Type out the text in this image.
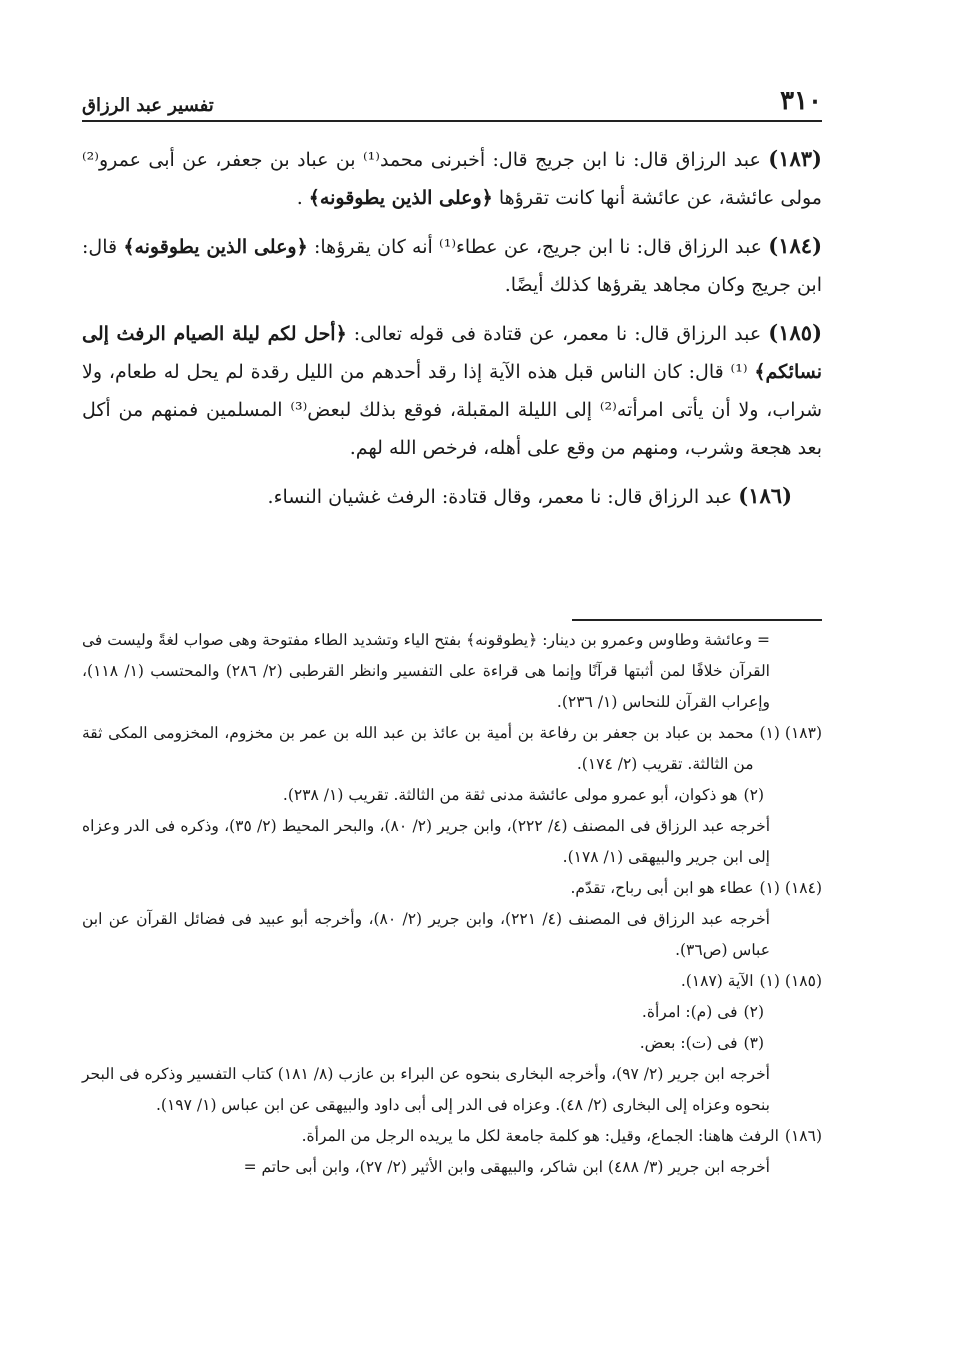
٣١٠
تفسير عبد الرزاق

(١٨٣) عبد الرزاق قال: نا ابن جريج قال: أخبرنى محمد⁽¹⁾ بن عباد بن جعفر، عن أبى عمرو⁽²⁾ مولى عائشة، عن عائشة أنها كانت تقرؤها ﴿وعلى الذين يطوقونه﴾ .

(١٨٤) عبد الرزاق قال: نا ابن جريج، عن عطاء⁽¹⁾ أنه كان يقرؤها: ﴿وعلى الذين يطوقونه﴾ قال: ابن جريج وكان مجاهد يقرؤها كذلك أيضًا.

(١٨٥) عبد الرزاق قال: نا معمر، عن قتادة فى قوله تعالى: ﴿أحل لكم ليلة الصيام الرفث إلى نسائكم﴾ ⁽¹⁾ قال: كان الناس قبل هذه الآية إذا رقد أحدهم من الليل رقدة لم يحل له طعام، ولا شراب، ولا أن يأتى امرأته⁽²⁾ إلى الليلة المقبلة، فوقع بذلك لبعض⁽³⁾ المسلمين فمنهم من أكل بعد هجعة وشرب، ومنهم من وقع على أهله، فرخص الله لهم.

(١٨٦) عبد الرزاق قال: نا معمر، وقال قتادة: الرفث غشيان النساء.

= وعائشة وطاوس وعمرو بن دينار: ﴿يطوقونه﴾ بفتح الياء وتشديد الطاء مفتوحة وهى صواب لغةً وليست فى القرآن خلافًا لمن أثبتها قرآنًا وإنما هى قراءة على التفسير وانظر القرطبى (٢/ ٢٨٦) والمحتسب (١/ ١١٨)، وإعراب القرآن للنحاس (١/ ٢٣٦).
(١٨٣) (١)
محمد بن عباد بن جعفر بن رفاعة بن أمية بن عائذ بن عبد الله بن عمر بن مخزوم، المخزومى المكى ثقة من الثالثة. تقريب (٢/ ١٧٤).
(٢)
هو ذكوان، أبو عمرو مولى عائشة مدنى ثقة من الثالثة. تقريب (١/ ٢٣٨).
أخرجه عبد الرزاق فى المصنف (٤/ ٢٢٢)، وابن جرير (٢/ ٨٠)، والبحر المحيط (٢/ ٣٥)، وذكره فى الدر وعزاه إلى ابن جرير والبيهقى (١/ ١٧٨).
(١٨٤) (١)
عطاء هو ابن أبى رباح، تقدّم.
أخرجه عبد الرزاق فى المصنف (٤/ ٢٢١)، وابن جرير (٢/ ٨٠)، وأخرجه أبو عبيد فى فضائل القرآن عن ابن عباس (ص٣٦).
(١٨٥) (١)
الآية (١٨٧).
(٢)
فى (م): امرأة.
(٣)
فى (ت): بعض.
أخرجه ابن جرير (٢/ ٩٧)، وأخرجه البخارى بنحوه عن البراء بن عازب (٨/ ١٨١) كتاب التفسير وذكره فى البحر بنحوه وعزاه إلى البخارى (٢/ ٤٨). وعزاه فى الدر إلى أبى داود والبيهقى عن ابن عباس (١/ ١٩٧).
(١٨٦)
الرفث هاهنا: الجماع، وقيل: هو كلمة جامعة لكل ما يريده الرجل من المرأة.
أخرجه ابن جرير (٣/ ٤٨٨) ابن شاكر، والبيهقى وابن الأثير (٢/ ٢٧)، وابن أبى حاتم =
